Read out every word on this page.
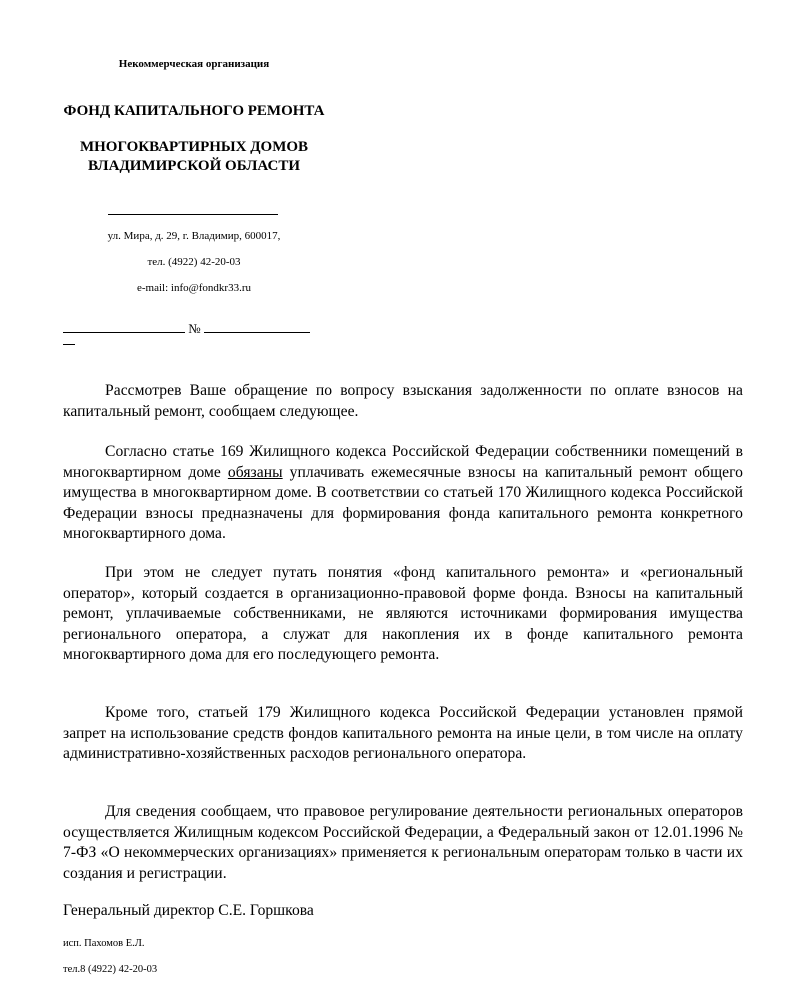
Некоммерческая организация
ФОНД КАПИТАЛЬНОГО РЕМОНТА
МНОГОКВАРТИРНЫХ ДОМОВ
ВЛАДИМИРСКОЙ ОБЛАСТИ
ул. Мира, д. 29, г. Владимир, 600017,
тел. (4922) 42-20-03
e-mail: info@fondkr33.ru
№
Рассмотрев Ваше обращение по вопросу взыскания задолженности по оплате взносов на капитальный ремонт, сообщаем следующее.
Согласно статье 169 Жилищного кодекса Российской Федерации собственники помещений в многоквартирном доме обязаны уплачивать ежемесячные взносы на капитальный ремонт общего имущества в многоквартирном доме. В соответствии со статьей 170 Жилищного кодекса Российской Федерации взносы предназначены для формирования фонда капитального ремонта конкретного многоквартирного дома.
При этом не следует путать понятия «фонд капитального ремонта» и «региональный оператор», который создается в организационно-правовой форме фонда. Взносы на капитальный ремонт, уплачиваемые собственниками, не являются источниками формирования имущества регионального оператора, а служат для накопления их в фонде капитального ремонта многоквартирного дома для его последующего ремонта.
Кроме того, статьей 179 Жилищного кодекса Российской Федерации установлен прямой запрет на использование средств фондов капитального ремонта на иные цели, в том числе на оплату административно-хозяйственных расходов регионального оператора.
Для сведения сообщаем, что правовое регулирование деятельности региональных операторов осуществляется Жилищным кодексом Российской Федерации, а Федеральный закон от 12.01.1996 № 7-ФЗ «О некоммерческих организациях» применяется к региональным операторам только в части их создания и регистрации.
Генеральный директор С.Е. Горшкова
исп. Пахомов Е.Л.
тел.8 (4922) 42-20-03
